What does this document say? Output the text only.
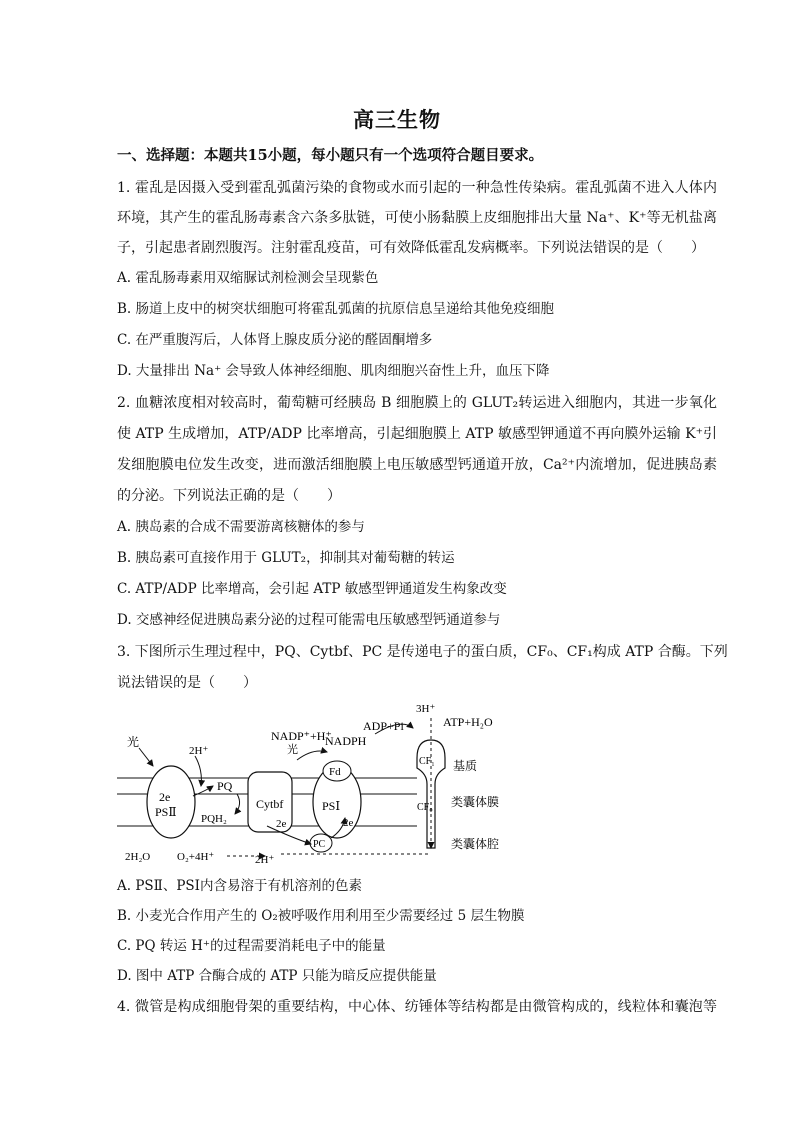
高三生物
一、选择题：本题共15小题，每小题只有一个选项符合题目要求。
1. 霍乱是因摄入受到霍乱弧菌污染的食物或水而引起的一种急性传染病。霍乱弧菌不进入人体内
环境，其产生的霍乱肠毒素含六条多肽链，可使小肠黏膜上皮细胞排出大量 Na⁺、K⁺等无机盐离
子，引起患者剧烈腹泻。注射霍乱疫苗，可有效降低霍乱发病概率。下列说法错误的是（　　）
A. 霍乱肠毒素用双缩脲试剂检测会呈现紫色
B. 肠道上皮中的树突状细胞可将霍乱弧菌的抗原信息呈递给其他免疫细胞
C. 在严重腹泻后，人体肾上腺皮质分泌的醛固酮增多
D. 大量排出 Na⁺ 会导致人体神经细胞、肌肉细胞兴奋性上升，血压下降
2. 血糖浓度相对较高时，葡萄糖可经胰岛 B 细胞膜上的 GLUT₂转运进入细胞内，其进一步氧化
使 ATP 生成增加，ATP/ADP 比率增高，引起细胞膜上 ATP 敏感型钾通道不再向膜外运输 K⁺引
发细胞膜电位发生改变，进而激活细胞膜上电压敏感型钙通道开放，Ca²⁺内流增加，促进胰岛素
的分泌。下列说法正确的是（　　）
A. 胰岛素的合成不需要游离核糖体的参与
B. 胰岛素可直接作用于 GLUT₂，抑制其对葡萄糖的转运
C. ATP/ADP 比率增高，会引起 ATP 敏感型钾通道发生构象改变
D. 交感神经促进胰岛素分泌的过程可能需电压敏感型钙通道参与
3. 下图所示生理过程中，PQ、Cytbf、PC 是传递电子的蛋白质，CF₀、CF₁构成 ATP 合酶。下列
说法错误的是（　　）
2e
PSⅡ
Cytbf
2e
Fd
PSⅠ
2e
PC
CF₁
CF₀
光
2H⁺
PQ
PQH₂
NADP⁺+H⁺
光
NADPH
ADP+Pi
3H⁺
ATP+H₂O
基质
类囊体膜
类囊体腔
2H₂O O₂+4H⁺	2H⁺
A. PSⅡ、PSⅠ内含易溶于有机溶剂的色素
B. 小麦光合作用产生的 O₂被呼吸作用利用至少需要经过 5 层生物膜
C. PQ 转运 H⁺的过程需要消耗电子中的能量
D. 图中 ATP 合酶合成的 ATP 只能为暗反应提供能量
4. 微管是构成细胞骨架的重要结构，中心体、纺锤体等结构都是由微管构成的，线粒体和囊泡等
